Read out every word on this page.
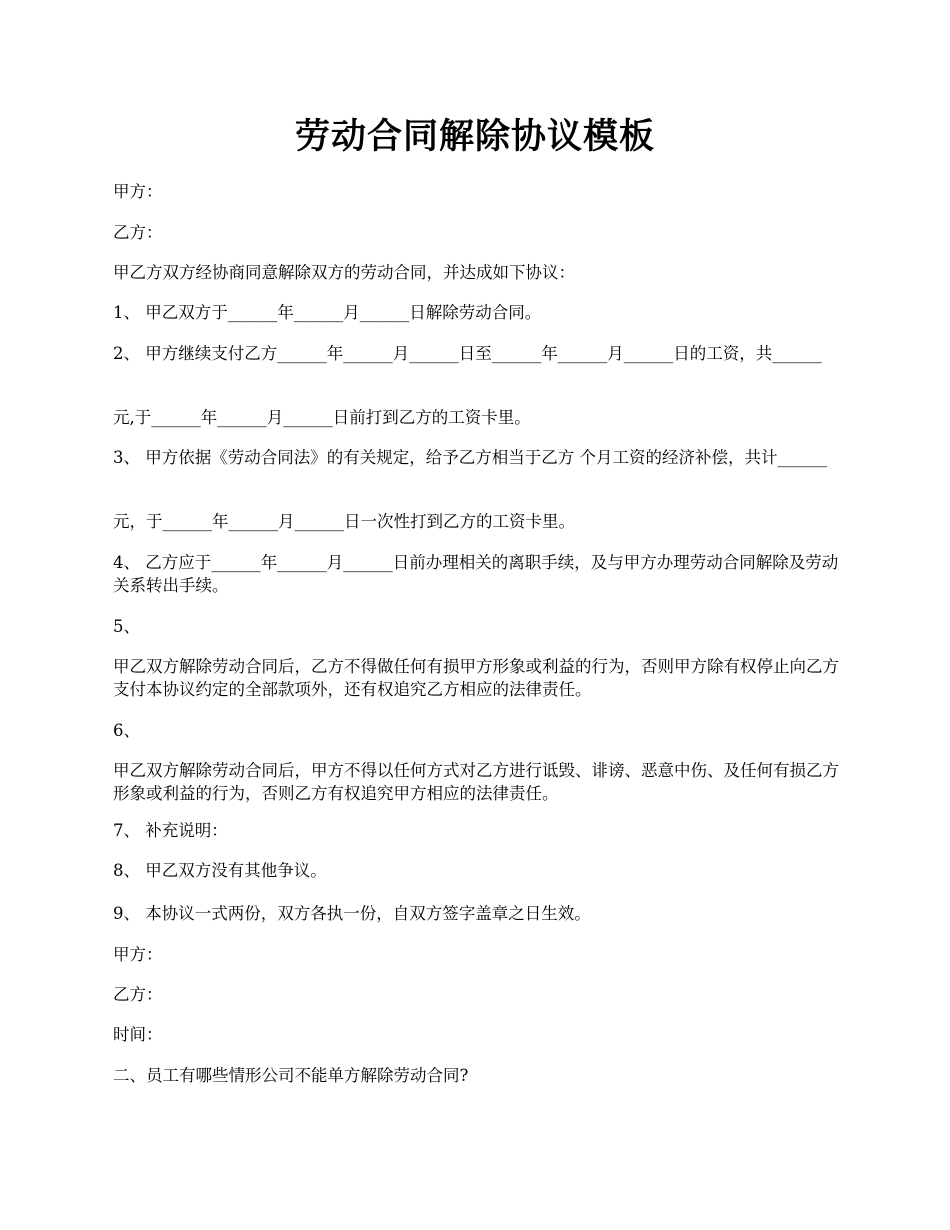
劳动合同解除协议模板
甲方：
乙方：
甲乙方双方经协商同意解除双方的劳动合同，并达成如下协议：
1、 甲乙双方于______年______月______日解除劳动合同。
2、 甲方继续支付乙方______年______月______日至______年______月______日的工资，共______
元,于______年______月______日前打到乙方的工资卡里。
3、 甲方依据《劳动合同法》的有关规定，给予乙方相当于乙方 个月工资的经济补偿，共计______
元，于______年______月______日一次性打到乙方的工资卡里。
4、 乙方应于______年______月______日前办理相关的离职手续，及与甲方办理劳动合同解除及劳动关系转出手续。
5、
甲乙双方解除劳动合同后，乙方不得做任何有损甲方形象或利益的行为，否则甲方除有权停止向乙方支付本协议约定的全部款项外，还有权追究乙方相应的法律责任。
6、
甲乙双方解除劳动合同后，甲方不得以任何方式对乙方进行诋毁、诽谤、恶意中伤、及任何有损乙方形象或利益的行为，否则乙方有权追究甲方相应的法律责任。
7、 补充说明：
8、 甲乙双方没有其他争议。
9、 本协议一式两份，双方各执一份，自双方签字盖章之日生效。
甲方：
乙方：
时间：
二、员工有哪些情形公司不能单方解除劳动合同?
